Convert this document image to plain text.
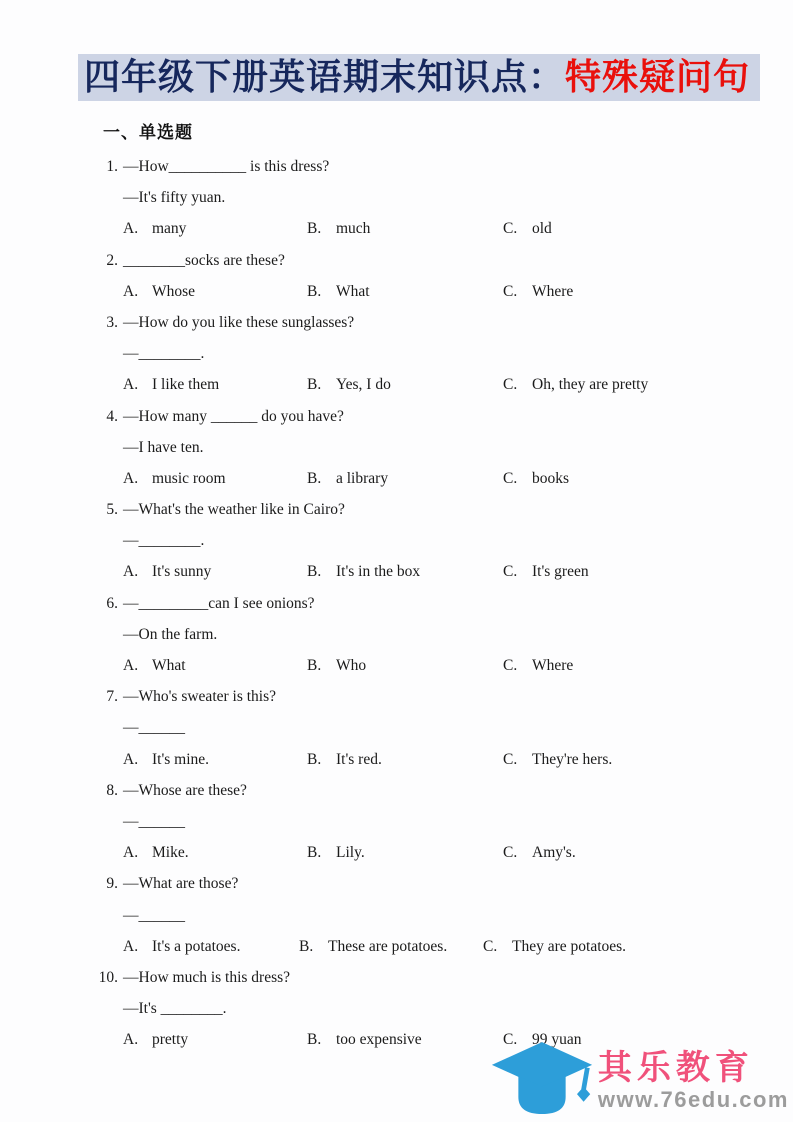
四年级下册英语期末知识点：特殊疑问句
一、单选题
1. —How__________ is this dress?
—It's fifty yuan.
A. many	B. much	C. old
2. ________socks are these?
A. Whose	B. What	C. Where
3. —How do you like these sunglasses?
—________.
A. I like them	B. Yes, I do	C. Oh, they are pretty
4. —How many ______ do you have?
—I have ten.
A. music room	B. a library	C. books
5. —What's the weather like in Cairo?
—________.
A. It's sunny	B. It's in the box	C. It's green
6. —_________can I see onions?
—On the farm.
A. What	B. Who	C. Where
7. —Who's sweater is this?
—______
A. It's mine.	B. It's red.	C. They're hers.
8. —Whose are these?
—______
A. Mike.	B. Lily.	C. Amy's.
9. —What are those?
—______
A. It's a potatoes.	B. These are potatoes.	C. They are potatoes.
10. —How much is this dress?
—It's ________.
A. pretty	B. too expensive	C. 99 yuan
其乐教育
www.76edu.com
